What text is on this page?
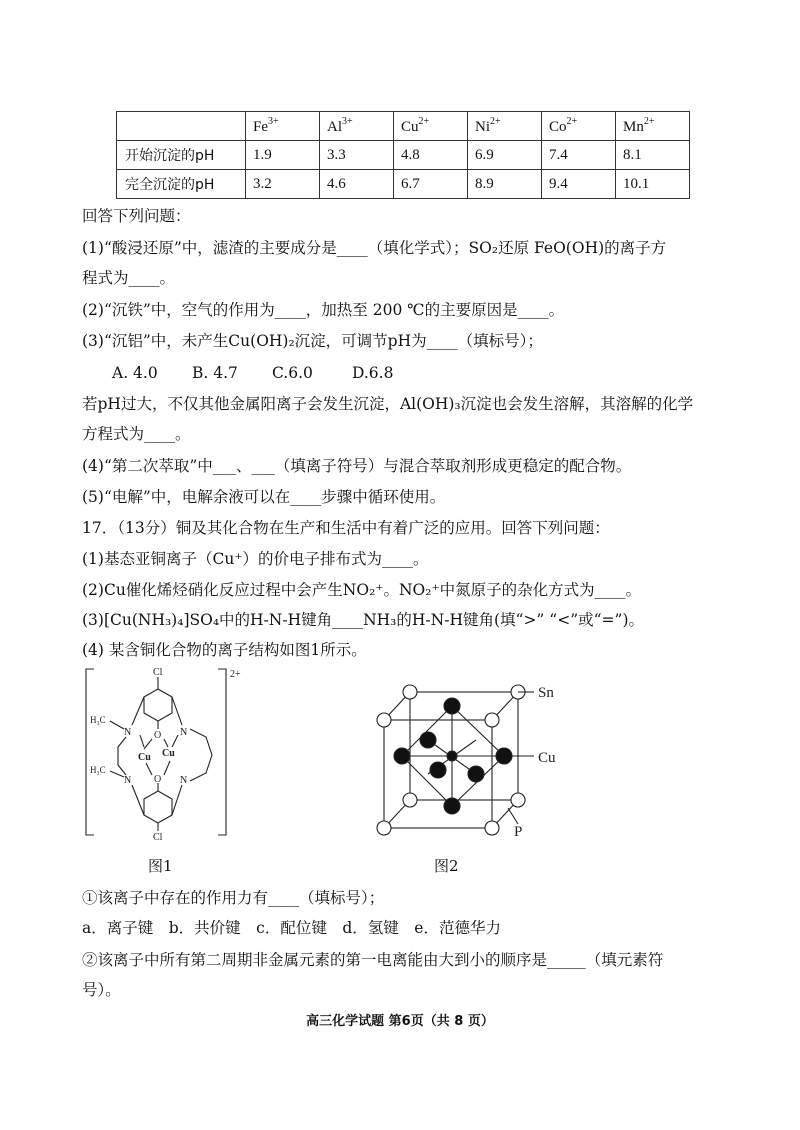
	$Fe^{3+}$	$Al^{3+}$	$Cu^{2+}$	$Ni^{2+}$	$Co^{2+}$	$Mn^{2+}$
开始沉淀的pH	1.9	3.3	4.8	6.9	7.4	8.1
完全沉淀的pH	3.2	4.6	6.7	8.9	9.4	10.1
回答下列问题：
(1)“酸浸还原”中，滤渣的主要成分是____（填化学式）；SO₂还原 FeO(OH)的离子方
程式为____。
(2)“沉铁”中，空气的作用为____，加热至 200 ℃的主要原因是____。
(3)“沉铝”中，未产生Cu(OH)₂沉淀，可调节pH为____（填标号）；
A. 4.0 B. 4.7 C.6.0	D.6.8
若pH过大，不仅其他金属阳离子会发生沉淀，Al(OH)₃沉淀也会发生溶解，其溶解的化学
方程式为____。
(4)“第二次萃取”中___、___（填离子符号）与混合萃取剂形成更稳定的配合物。
(5)“电解”中，电解余液可以在____步骤中循环使用。
17．（13分）铜及其化合物在生产和生活中有着广泛的应用。回答下列问题：
(1)基态亚铜离子（Cu⁺）的价电子排布式为____。
(2)Cu催化烯烃硝化反应过程中会产生NO₂⁺。NO₂⁺中氮原子的杂化方式为____。
(3)[Cu(NH₃)₄]SO₄中的H-N-H键角____NH₃的H-N-H键角(填“>” “<”或“=”)。
(4) 某含铜化合物的离子结构如图1所示。
2+
Cl
Cl
O
O
Cu Cu
N	N
N	N
H₃C
H₃C
Sn
Cu
P
图1	图2
①该离子中存在的作用力有____（填标号）；
a．离子键　b．共价键　c．配位键　d．氢键　e．范德华力
②该离子中所有第二周期非金属元素的第一电离能由大到小的顺序是_____（填元素符
号）。
高三化学试题 第6页（共 8 页）
